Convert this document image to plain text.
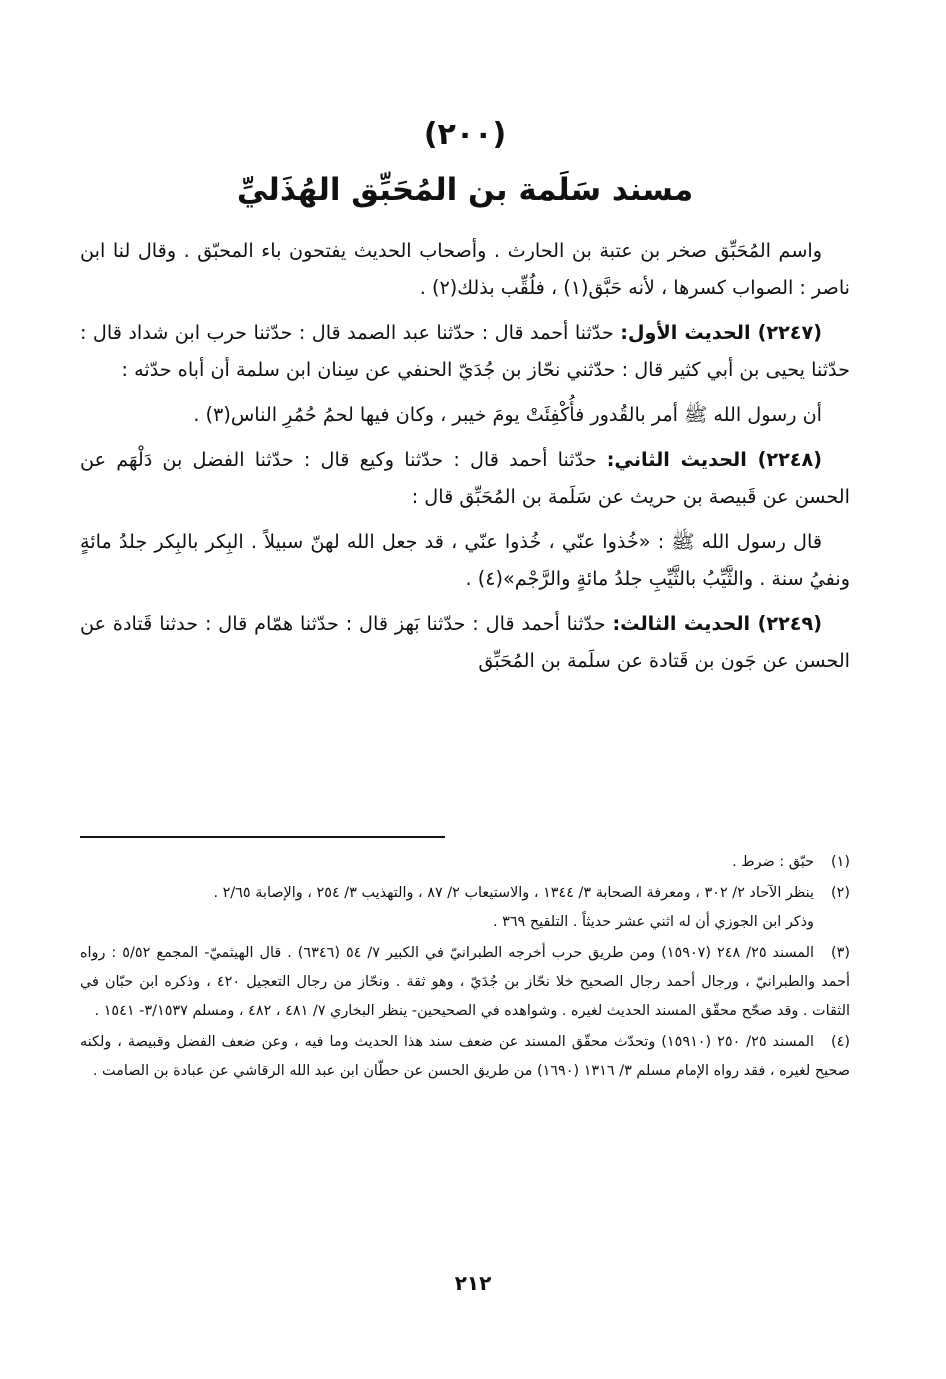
(٢٠٠)
مسند سَلَمة بن المُحَبِّق الهُذَليِّ

واسم المُحَبِّق صخر بن عتبة بن الحارث . وأصحاب الحديث يفتحون باء المحبّق . وقال لنا ابن ناصر : الصواب كسرها ، لأنه حَبَّق(١) ، فلُقِّب بذلك(٢) .

(٢٢٤٧) الحديث الأول: حدّثنا أحمد قال : حدّثنا عبد الصمد قال : حدّثنا حرب ابن شداد قال : حدّثنا يحيى بن أبي كثير قال : حدّثني نحّاز بن جُدَيّ الحنفي عن سِنان ابن سلمة أن أباه حدّثه :

أن رسول الله ﷺ أمر بالقُدور فأُكْفِئَتْ يومَ خيبر ، وكان فيها لحمُ حُمُرِ الناس(٣) .

(٢٢٤٨) الحديث الثاني: حدّثنا أحمد قال : حدّثنا وكيع قال : حدّثنا الفضل بن دَلْهَم عن الحسن عن قَبيصة بن حريث عن سَلَمة بن المُحَبِّق قال :

قال رسول الله ﷺ : «خُذوا عنّي ، خُذوا عنّي ، قد جعل الله لهنّ سبيلاً . البِكر بالبِكر جلدُ مائةٍ ونفيُ سنة . والثَّيِّبُ بالثَّيِّبِ جلدُ مائةٍ والرَّجْم»(٤) .

(٢٢٤٩) الحديث الثالث: حدّثنا أحمد قال : حدّثنا بَهز قال : حدّثنا همّام قال : حدثنا قَتادة عن الحسن عن جَون بن قَتادة عن سلَمة بن المُحَبِّق

(١)حبّق : ضرط .

(٢)ينظر الآحاد ٢/ ٣٠٢ ، ومعرفة الصحابة ٣/ ١٣٤٤ ، والاستيعاب ٢/ ٨٧ ، والتهذيب ٣/ ٢٥٤ ، والإصابة ٢/٦٥ .
وذكر ابن الجوزي أن له اثني عشر حديثاً . التلقيح ٣٦٩ .

(٣)المسند ٢٥/ ٢٤٨ (١٥٩٠٧) ومن طريق حرب أخرجه الطبرانيّ في الكبير ٧/ ٥٤ (٦٣٤٦) . قال الهيثميّ- المجمع ٥/٥٢ : رواه أحمد والطبرانيّ ، ورجال أحمد رجال الصحيح خلا نحّاز بن جُدَيّ ، وهو ثقة . ونحّاز من رجال التعجيل ٤٢٠ ، وذكره ابن حبّان في الثقات . وقد صحّح محقّق المسند الحديث لغيره . وشواهده في الصحيحين- ينظر البخاري ٧/ ٤٨١ ، ٤٨٢ ، ومسلم ٣/١٥٣٧- ١٥٤١ .

(٤)المسند ٢٥/ ٢٥٠ (١٥٩١٠) وتحدّث محقّق المسند عن ضعف سند هذا الحديث وما فيه ، وعن ضعف الفضل وقبيصة ، ولكنه صحيح لغيره ، فقد رواه الإمام مسلم ٣/ ١٣١٦ (١٦٩٠) من طريق الحسن عن حطّان ابن عبد الله الرقاشي عن عبادة بن الصامت .

٢١٢
